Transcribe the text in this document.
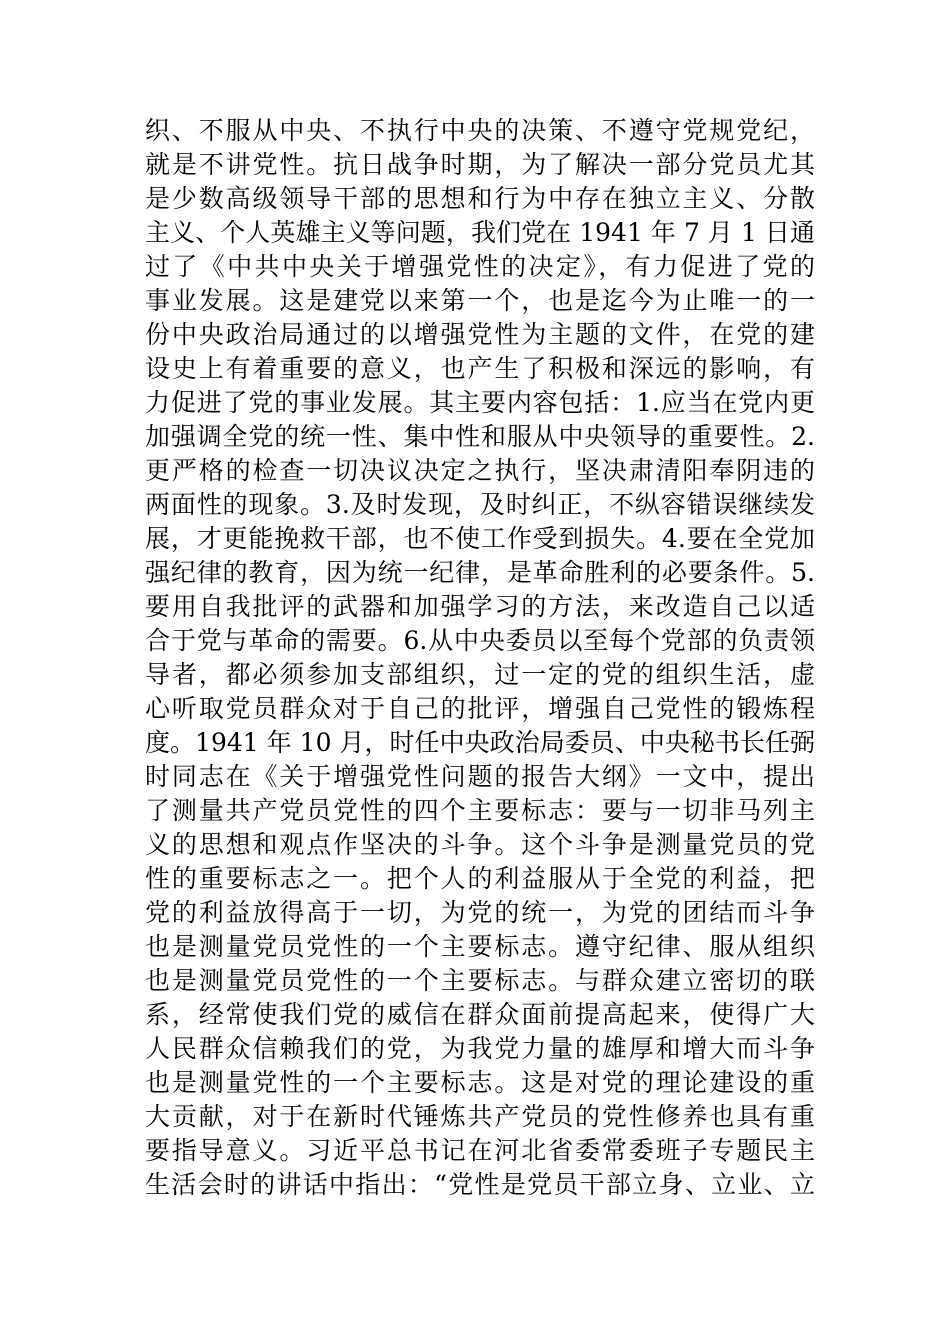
织、不服从中央、不执行中央的决策、不遵守党规党纪，
就是不讲党性。抗日战争时期，为了解决一部分党员尤其
是少数高级领导干部的思想和行为中存在独立主义、分散
主义、个人英雄主义等问题，我们党在 1941 年 7 月 1 日通
过了《中共中央关于增强党性的决定》，有力促进了党的
事业发展。这是建党以来第一个，也是迄今为止唯一的一
份中央政治局通过的以增强党性为主题的文件，在党的建
设史上有着重要的意义，也产生了积极和深远的影响，有
力促进了党的事业发展。其主要内容包括：1.应当在党内更
加强调全党的统一性、集中性和服从中央领导的重要性。2.
更严格的检查一切决议决定之执行，坚决肃清阳奉阴违的
两面性的现象。3.及时发现，及时纠正，不纵容错误继续发
展，才更能挽救干部，也不使工作受到损失。4.要在全党加
强纪律的教育，因为统一纪律，是革命胜利的必要条件。5.
要用自我批评的武器和加强学习的方法，来改造自己以适
合于党与革命的需要。6.从中央委员以至每个党部的负责领
导者，都必须参加支部组织，过一定的党的组织生活，虚
心听取党员群众对于自己的批评，增强自己党性的锻炼程
度。1941 年 10 月，时任中央政治局委员、中央秘书长任弼
时同志在《关于增强党性问题的报告大纲》一文中，提出
了测量共产党员党性的四个主要标志：要与一切非马列主
义的思想和观点作坚决的斗争。这个斗争是测量党员的党
性的重要标志之一。把个人的利益服从于全党的利益，把
党的利益放得高于一切，为党的统一，为党的团结而斗争
也是测量党员党性的一个主要标志。遵守纪律、服从组织
也是测量党员党性的一个主要标志。与群众建立密切的联
系，经常使我们党的威信在群众面前提高起来，使得广大
人民群众信赖我们的党，为我党力量的雄厚和增大而斗争
也是测量党性的一个主要标志。这是对党的理论建设的重
大贡献，对于在新时代锤炼共产党员的党性修养也具有重
要指导意义。习近平总书记在河北省委常委班子专题民主
生活会时的讲话中指出：“党性是党员干部立身、立业、立
